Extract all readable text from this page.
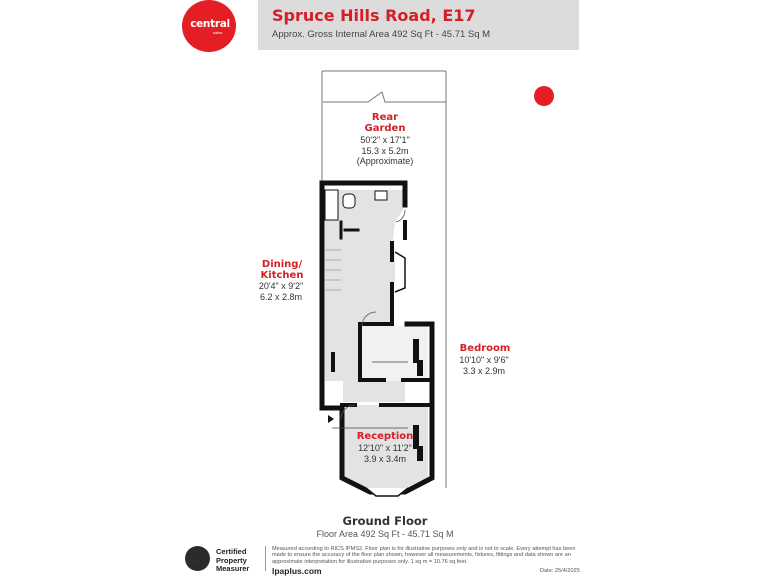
central
sales
Spruce Hills Road, E17
Approx. Gross Internal Area 492 Sq Ft - 45.71 Sq M
Rear
Garden
50'2" x 17'1"
15.3 x 5.2m
(Approximate)
Dining/
Kitchen
20'4" x 9'2"
6.2 x 2.8m
Bedroom
10'10" x 9'6"
3.3 x 2.9m
Reception
12'10" x 11'2"
3.9 x 3.4m
Ground Floor
Floor Area 492 Sq Ft - 45.71 Sq M
RICS
Certified
Property
Measurer
Measured according to RICS IPMS2. Floor plan is for illustrative purposes only and is not to scale. Every attempt has been made to ensure the accuracy of the floor plan shown, however all measurements, fixtures, fittings and data shown are an approximate interpretation for illustrative purposes only. 1 sq m = 10.76 sq feet.
lpaplus.com	Date: 25/4/2025
